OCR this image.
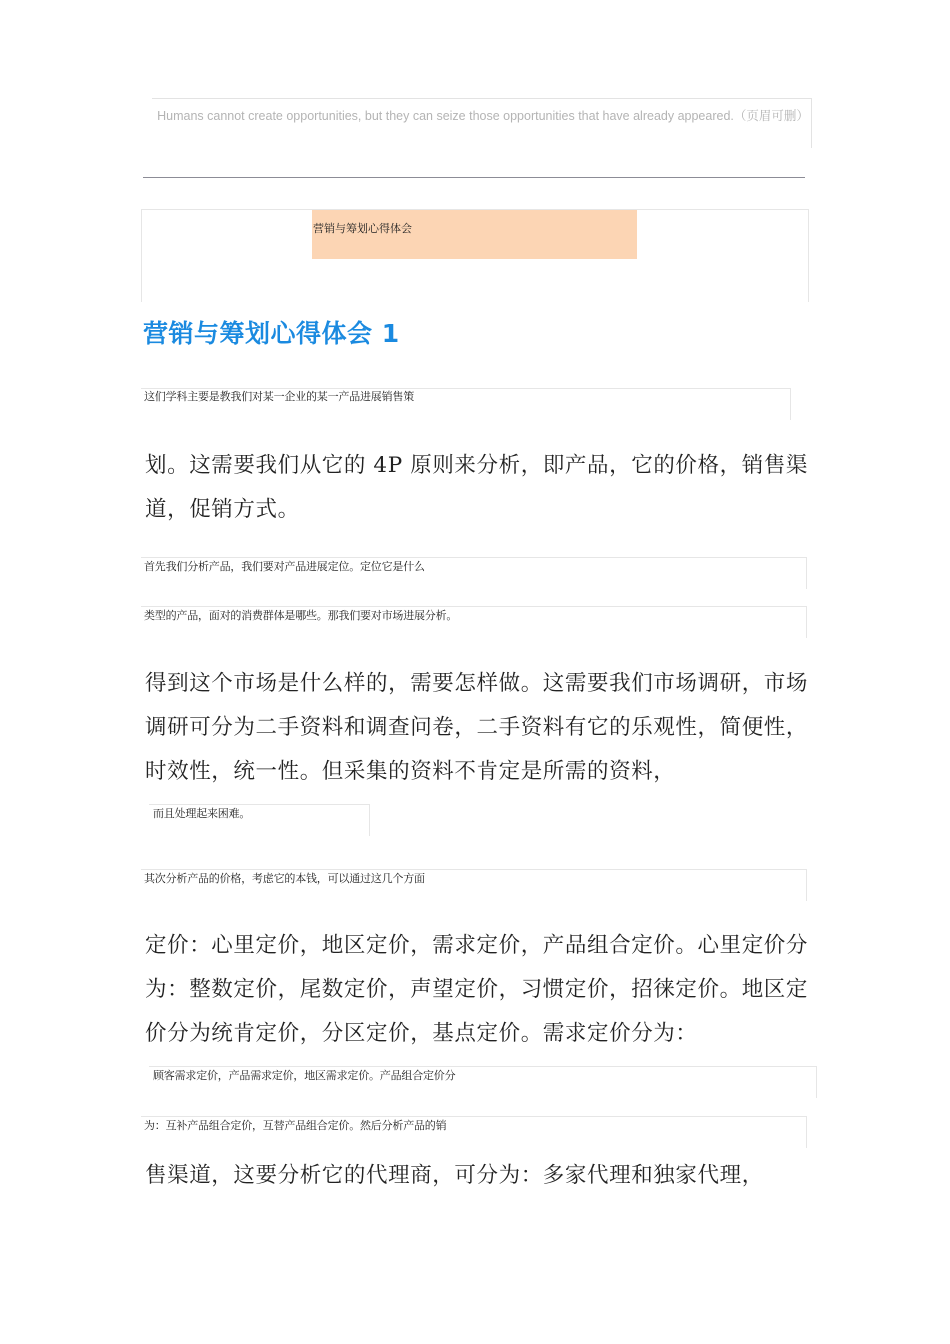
Humans cannot create opportunities, but they can seize those opportunities that have already appeared.（页眉可删）
营销与筹划心得体会
营销与筹划心得体会 1
这们学科主要是教我们对某一企业的某一产品进展销售策
划。这需要我们从它的 4P 原则来分析，即产品，它的价格，销售渠道，促销方式。
首先我们分析产品，我们要对产品进展定位。定位它是什么
类型的产品，面对的消费群体是哪些。那我们要对市场进展分析。
得到这个市场是什么样的，需要怎样做。这需要我们市场调研，市场调研可分为二手资料和调查问卷，二手资料有它的乐观性，简便性，时效性，统一性。但采集的资料不肯定是所需的资料，
而且处理起来困难。
其次分析产品的价格，考虑它的本钱，可以通过这几个方面
定价：心里定价，地区定价，需求定价，产品组合定价。心里定价分为：整数定价，尾数定价，声望定价，习惯定价，招徕定价。地区定价分为统肯定价，分区定价，基点定价。需求定价分为：
顾客需求定价，产品需求定价，地区需求定价。产品组合定价分
为：互补产品组合定价，互替产品组合定价。然后分析产品的销
售渠道，这要分析它的代理商，可分为：多家代理和独家代理，
